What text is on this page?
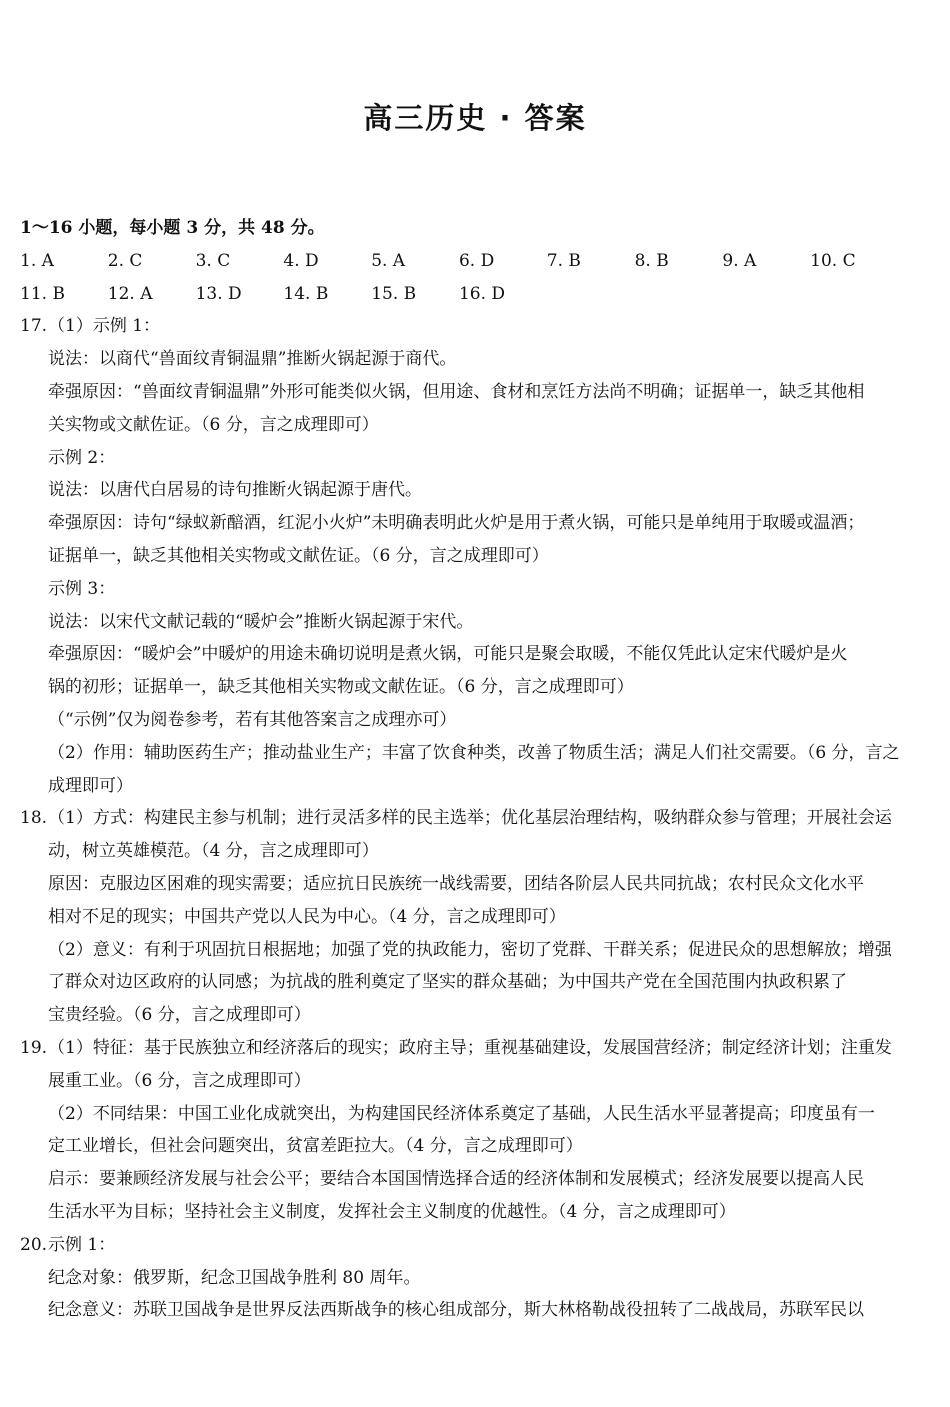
高三历史 · 答案
1～16 小题，每小题 3 分，共 48 分。
1. A	2. C	3. C	4. D	5. A	6. D	7. B	8. B	9. A	10. C
11. B	12. A	13. D	14. B	15. B	16. D
17.（1）示例 1：
说法：以商代“兽面纹青铜温鼎”推断火锅起源于商代。
牵强原因：“兽面纹青铜温鼎”外形可能类似火锅，但用途、食材和烹饪方法尚不明确；证据单一，缺乏其他相
关实物或文献佐证。（6 分，言之成理即可）
示例 2：
说法：以唐代白居易的诗句推断火锅起源于唐代。
牵强原因：诗句“绿蚁新醅酒，红泥小火炉”未明确表明此火炉是用于煮火锅，可能只是单纯用于取暖或温酒；
证据单一，缺乏其他相关实物或文献佐证。（6 分，言之成理即可）
示例 3：
说法：以宋代文献记载的“暖炉会”推断火锅起源于宋代。
牵强原因：“暖炉会”中暖炉的用途未确切说明是煮火锅，可能只是聚会取暖，不能仅凭此认定宋代暖炉是火
锅的初形；证据单一，缺乏其他相关实物或文献佐证。（6 分，言之成理即可）
（“示例”仅为阅卷参考，若有其他答案言之成理亦可）
（2）作用：辅助医药生产；推动盐业生产；丰富了饮食种类，改善了物质生活；满足人们社交需要。（6 分，言之
成理即可）
18.（1）方式：构建民主参与机制；进行灵活多样的民主选举；优化基层治理结构，吸纳群众参与管理；开展社会运
动，树立英雄模范。（4 分，言之成理即可）
原因：克服边区困难的现实需要；适应抗日民族统一战线需要，团结各阶层人民共同抗战；农村民众文化水平
相对不足的现实；中国共产党以人民为中心。（4 分，言之成理即可）
（2）意义：有利于巩固抗日根据地；加强了党的执政能力，密切了党群、干群关系；促进民众的思想解放；增强
了群众对边区政府的认同感；为抗战的胜利奠定了坚实的群众基础；为中国共产党在全国范围内执政积累了
宝贵经验。（6 分，言之成理即可）
19.（1）特征：基于民族独立和经济落后的现实；政府主导；重视基础建设，发展国营经济；制定经济计划；注重发
展重工业。（6 分，言之成理即可）
（2）不同结果：中国工业化成就突出，为构建国民经济体系奠定了基础，人民生活水平显著提高；印度虽有一
定工业增长，但社会问题突出，贫富差距拉大。（4 分，言之成理即可）
启示：要兼顾经济发展与社会公平；要结合本国国情选择合适的经济体制和发展模式；经济发展要以提高人民
生活水平为目标；坚持社会主义制度，发挥社会主义制度的优越性。（4 分，言之成理即可）
20.示例 1：
纪念对象：俄罗斯，纪念卫国战争胜利 80 周年。
纪念意义：苏联卫国战争是世界反法西斯战争的核心组成部分，斯大林格勒战役扭转了二战战局，苏联军民以
